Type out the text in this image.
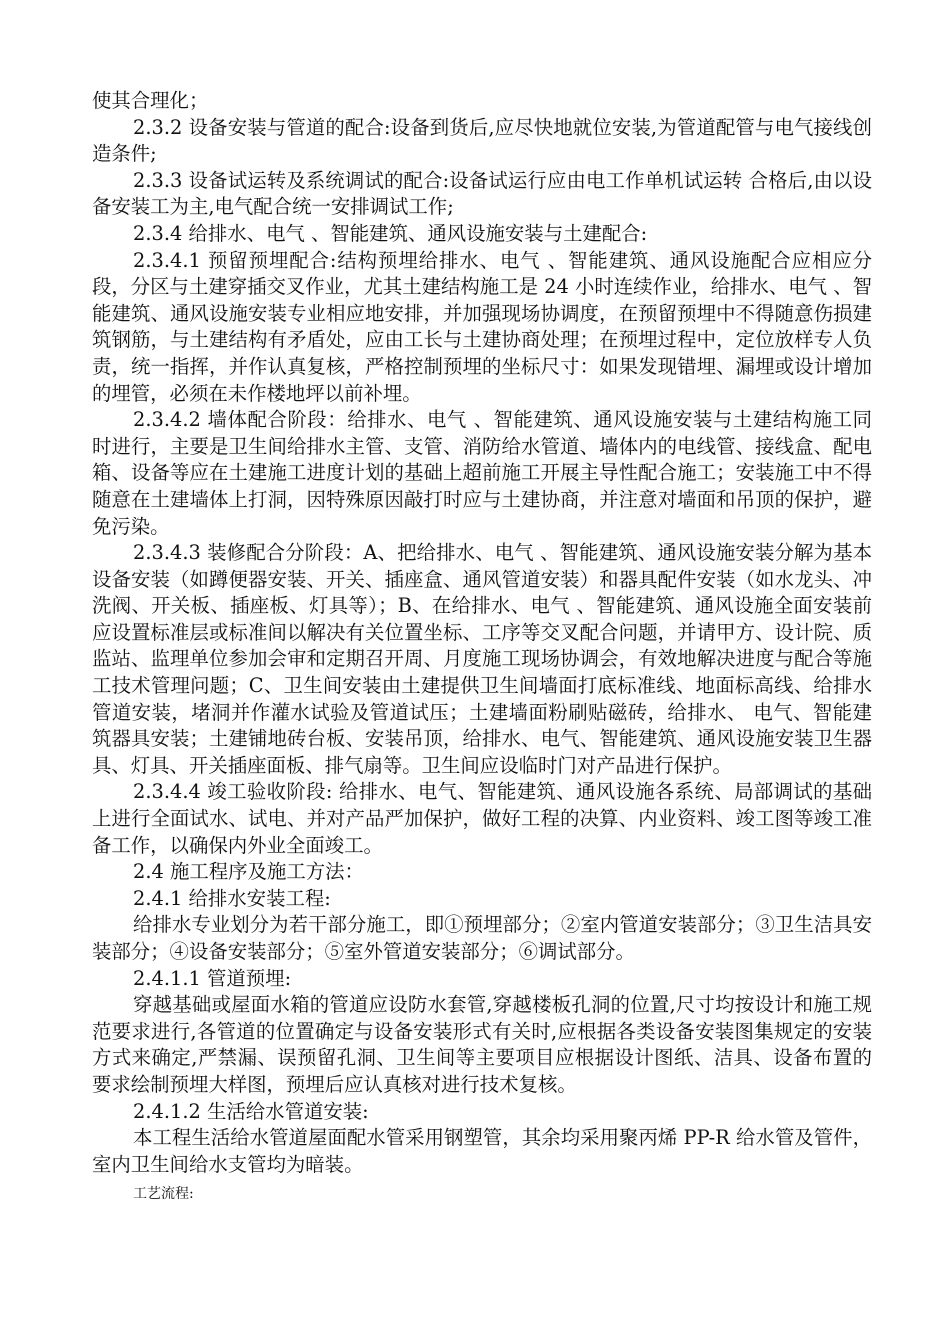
使其合理化；

2.3.2 设备安装与管道的配合:设备到货后,应尽快地就位安装,为管道配管与电气接线创造条件;

2.3.3 设备试运转及系统调试的配合:设备试运行应由电工作单机试运转 合格后,由以设备安装工为主,电气配合统一安排调试工作;

2.3.4 给排水、电气 、智能建筑、通风设施安装与土建配合:

2.3.4.1 预留预埋配合:结构预埋给排水、电气 、智能建筑、通风设施配合应相应分段，分区与土建穿插交叉作业，尤其土建结构施工是 24 小时连续作业，给排水、电气 、智能建筑、通风设施安装专业相应地安排，并加强现场协调度，在预留预埋中不得随意伤损建筑钢筋，与土建结构有矛盾处，应由工长与土建协商处理；在预埋过程中，定位放样专人负责，统一指挥，并作认真复核，严格控制预埋的坐标尺寸：如果发现错埋、漏埋或设计增加的埋管，必须在未作楼地坪以前补埋。

2.3.4.2 墙体配合阶段：给排水、电气 、智能建筑、通风设施安装与土建结构施工同时进行，主要是卫生间给排水主管、支管、消防给水管道、墙体内的电线管、接线盒、配电箱、设备等应在土建施工进度计划的基础上超前施工开展主导性配合施工；安装施工中不得随意在土建墙体上打洞，因特殊原因敲打时应与土建协商，并注意对墙面和吊顶的保护，避免污染。

2.3.4.3 装修配合分阶段：A、把给排水、电气 、智能建筑、通风设施安装分解为基本设备安装（如蹲便器安装、开关、插座盒、通风管道安装）和器具配件安装（如水龙头、冲洗阀、开关板、插座板、灯具等）；B、在给排水、电气 、智能建筑、通风设施全面安装前应设置标准层或标准间以解决有关位置坐标、工序等交叉配合问题，并请甲方、设计院、质监站、监理单位参加会审和定期召开周、月度施工现场协调会，有效地解决进度与配合等施工技术管理问题；C、卫生间安装由土建提供卫生间墙面打底标准线、地面标高线、给排水管道安装，堵洞并作灌水试验及管道试压；土建墙面粉刷贴磁砖，给排水、 电气、智能建筑器具安装；土建铺地砖台板、安装吊顶，给排水、电气、智能建筑、通风设施安装卫生器具、灯具、开关插座面板、排气扇等。卫生间应设临时门对产品进行保护。

2.3.4.4 竣工验收阶段: 给排水、电气、智能建筑、通风设施各系统、局部调试的基础上进行全面试水、试电、并对产品严加保护，做好工程的决算、内业资料、竣工图等竣工准备工作，以确保内外业全面竣工。

2.4 施工程序及施工方法：

2.4.1 给排水安装工程:

给排水专业划分为若干部分施工，即①预埋部分；②室内管道安装部分；③卫生洁具安装部分；④设备安装部分；⑤室外管道安装部分；⑥调试部分。

2.4.1.1 管道预埋:

穿越基础或屋面水箱的管道应设防水套管,穿越楼板孔洞的位置,尺寸均按设计和施工规范要求进行,各管道的位置确定与设备安装形式有关时,应根据各类设备安装图集规定的安装方式来确定,严禁漏、误预留孔洞、卫生间等主要项目应根据设计图纸、洁具、设备布置的要求绘制预埋大样图，预埋后应认真核对进行技术复核。

2.4.1.2 生活给水管道安装:

本工程生活给水管道屋面配水管采用钢塑管，其余均采用聚丙烯 PP-R 给水管及管件，室内卫生间给水支管均为暗装。

工艺流程:
